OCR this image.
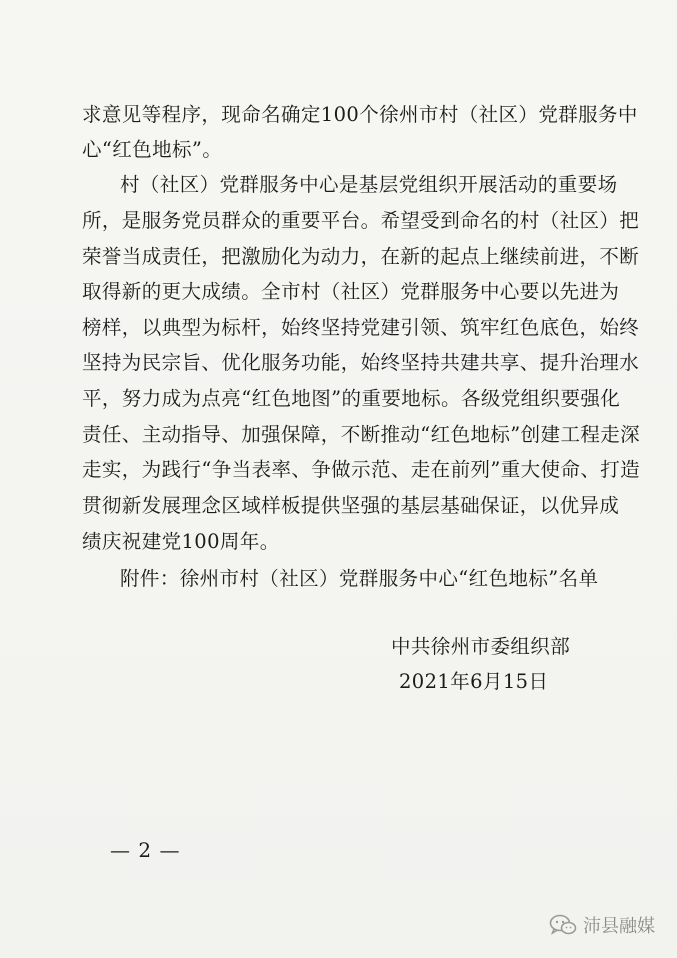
求意见等程序，现命名确定100个徐州市村（社区）党群服务中
心“红色地标”。
村（社区）党群服务中心是基层党组织开展活动的重要场
所，是服务党员群众的重要平台。希望受到命名的村（社区）把
荣誉当成责任，把激励化为动力，在新的起点上继续前进，不断
取得新的更大成绩。全市村（社区）党群服务中心要以先进为
榜样，以典型为标杆，始终坚持党建引领、筑牢红色底色，始终
坚持为民宗旨、优化服务功能，始终坚持共建共享、提升治理水
平，努力成为点亮“红色地图”的重要地标。各级党组织要强化
责任、主动指导、加强保障，不断推动“红色地标”创建工程走深
走实，为践行“争当表率、争做示范、走在前列”重大使命、打造
贯彻新发展理念区域样板提供坚强的基层基础保证，以优异成
绩庆祝建党100周年。
附件：徐州市村（社区）党群服务中心“红色地标”名单
中共徐州市委组织部
2021年6月15日
— 2 —
沛县融媒
